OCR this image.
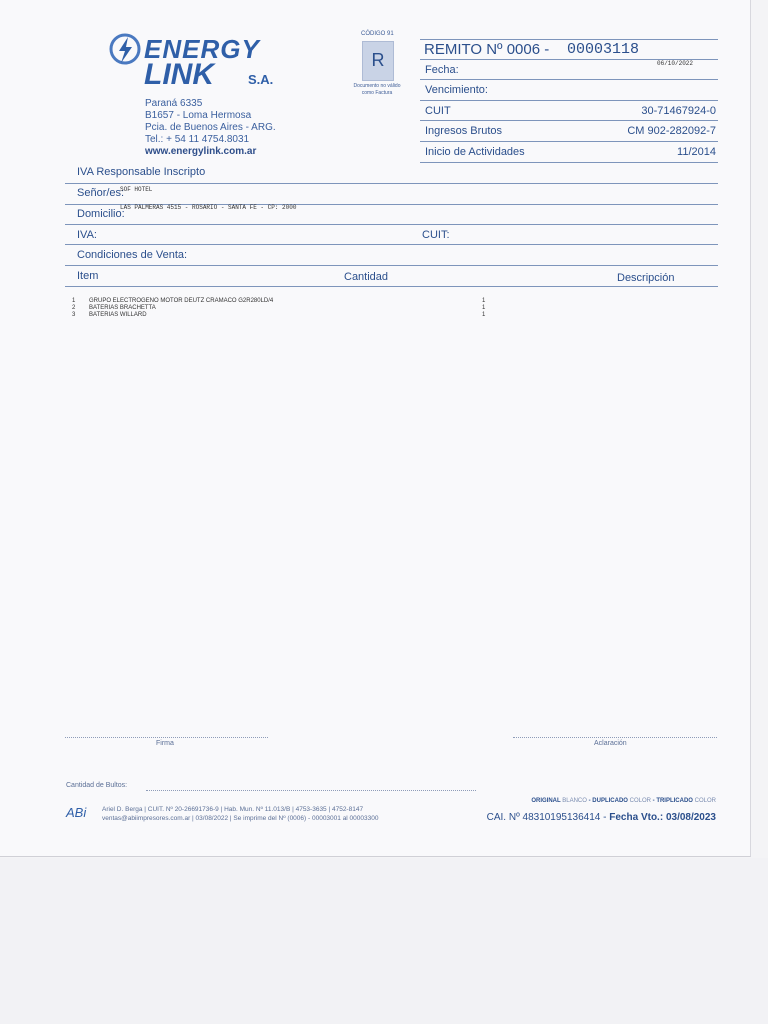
ENERGY
LINK	S.A.
Paraná 6335
B1657 - Loma Hermosa
Pcia. de Buenos Aires - ARG.
Tel.: + 54 11 4754.8031
www.energylink.com.ar
CÓDIGO 91
R
Documento no válido como Factura
REMITO Nº 0006 - 00003118
Fecha:
06/10/2022
Vencimiento:
CUIT	30-71467924-0
Ingresos Brutos	CM 902-282092-7
Inicio de Actividades	11/2014
IVA Responsable Inscripto
Señor/es:
SOF HOTEL
Domicilio:
LAS PALMERAS 4515 - ROSARIO - SANTA FE - CP: 2000
IVA:	CUIT:
Condiciones de Venta:
Item	Cantidad	Descripción
1 GRUPO ELECTROGENO MOTOR DEUTZ CRAMACO G2R280LD/4	1
2 BATERIAS BRACHETTA	1
3 BATERIAS WILLARD	1
Firma	Aclaración
Cantidad de Bultos:
ABi Ariel D. Berga | CUIT. Nº 20-26691736-9 | Hab. Mun. Nº 11.013/B | 4753-3635 | 4752-8147
ventas@abiimpresores.com.ar | 03/08/2022 | Se imprime del Nº (0006) - 00003001 al 00003300
ORIGINAL BLANCO - DUPLICADO COLOR - TRIPLICADO COLOR
CAI. Nº 48310195136414 - Fecha Vto.: 03/08/2023
